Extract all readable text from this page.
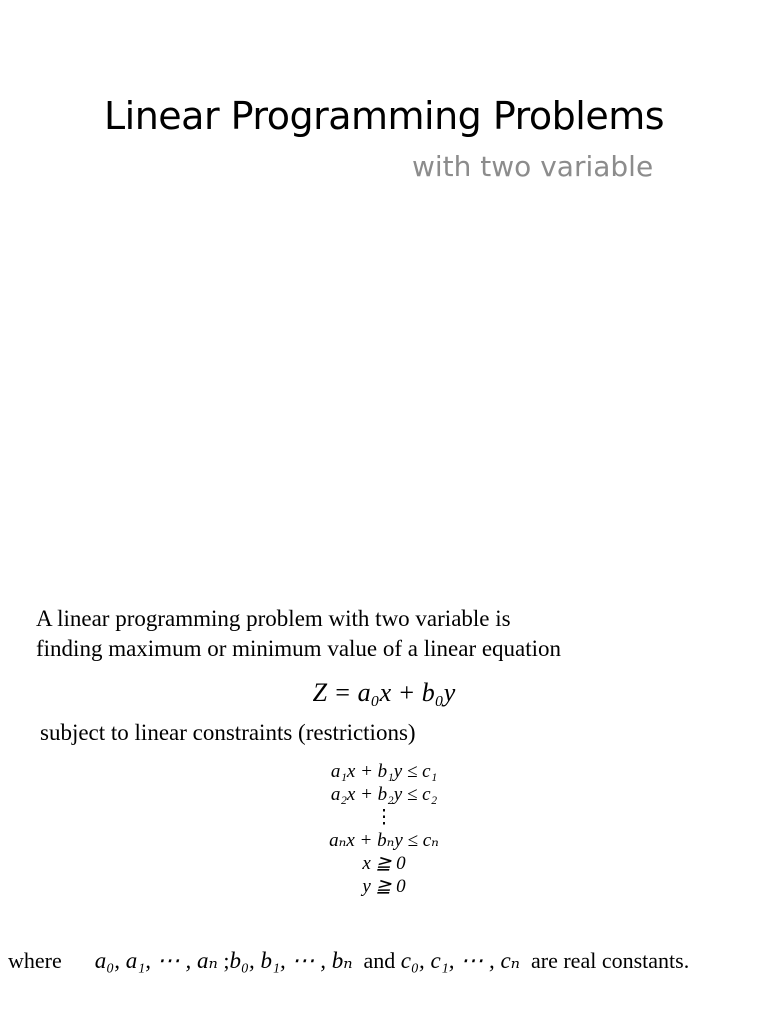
Linear Programming Problems
with two variable
A linear programming problem with two variable is
finding maximum or minimum value of a linear equation
Z = a₀x + b₀y
subject to linear constraints (restrictions)
a₁x + b₁y ≤ c₁
a₂x + b₂y ≤ c₂
⋮
aₙx + bₙy ≤ cₙ
x ≧ 0
y ≧ 0
where a₀, a₁, ⋯ , aₙ ;b₀, b₁, ⋯ , bₙ and c₀, c₁, ⋯ , cₙ are real constants.
